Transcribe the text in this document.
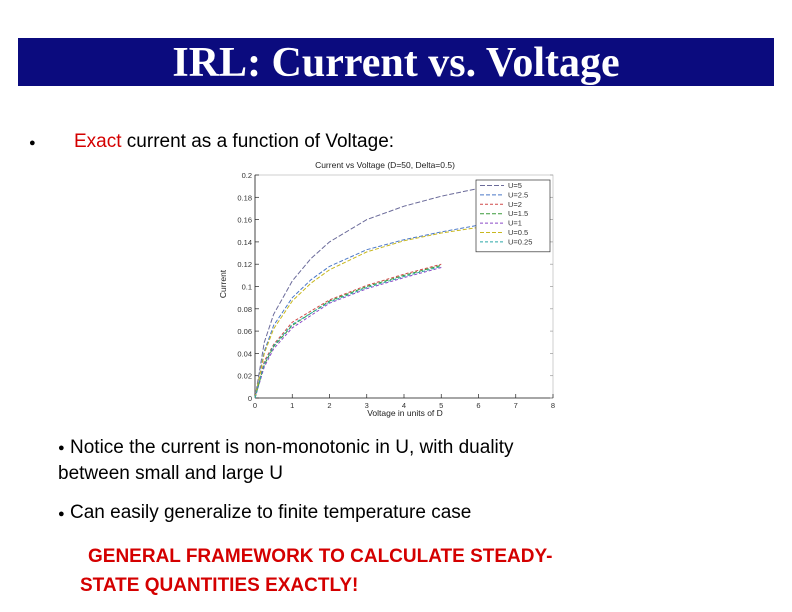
IRL: Current vs. Voltage
● Exact current as a function of Voltage:
0
0.02
0.04
0.06
0.08
0.1
0.12
0.14
0.16
0.18
0.2
0	1	2	3	4	5	6	7	8
U=5
U=2.5
U=2
U=1.5
U=1
U=0.5
U=0.25
Current vs Voltage (D=50, Delta=0.5)
Voltage in units of D
Current
● Notice the current is non-monotonic in U, with duality
between small and large U
● Can easily generalize to finite temperature case
GENERAL FRAMEWORK TO CALCULATE STEADY-
STATE QUANTITIES EXACTLY!
